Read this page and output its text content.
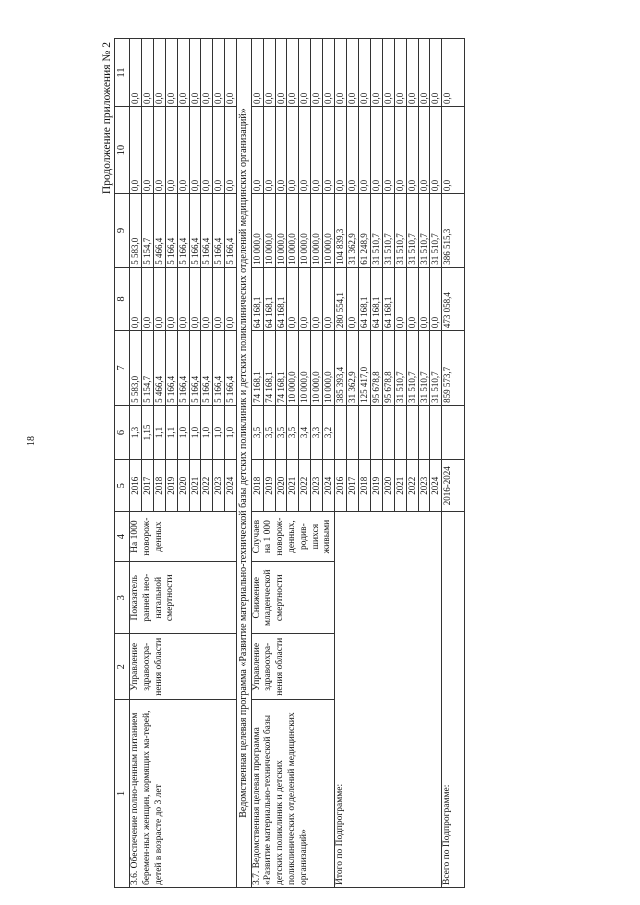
18
Продолжение приложения № 2
1	2	3	4	5	6	7	8	9	10	11
3.6. Обеспечение полно-ценным питанием беремен-ных женщин, кормящих ма-терей, детей в возрасте до 3 лет	Управление здравоохра-нения области	Показатель ранней нео-натальной смертности	На 1000 новорож-денных	2016	1,3	5 583,0	0,0	5 583,0	0,0	0,0
				2017	1,15	5 154,7	0,0	5 154,7	0,0	0,0
				2018	1,1	5 466,4	0,0	5 466,4	0,0	0,0
				2019	1,1	5 166,4	0,0	5 166,4	0,0	0,0
				2020	1,0	5 166,4	0,0	5 166,4	0,0	0,0
				2021	1,0	5 166,4	0,0	5 166,4	0,0	0,0
				2022	1,0	5 166,4	0,0	5 166,4	0,0	0,0
				2023	1,0	5 166,4	0,0	5 166,4	0,0	0,0
				2024	1,0	5 166,4	0,0	5 166,4	0,0	0,0
Ведомственная целевая программа «Развитие материально-технической базы детских поликлиник и детских поликлинических отделений медицинских организаций»										
3.7. Ведомственная целевая программа «Развитие материально-технической базы детских поликлиник и детских поликлинических отделений медицинских организаций»	Управление здравоохра-нения области	Снижение младенческой смертности	Случаев на 1 000 новорож-денных, родив-шихся живыми	2018	3,5	74 168,1	64 168,1	10 000,0	0,0	0,0
				2019	3,5	74 168,1	64 168,1	10 000,0	0,0	0,0
				2020	3,5	74 168,1	64 168,1	10 000,0	0,0	0,0
				2021	3,5	10 000,0	0,0	10 000,0	0,0	0,0
				2022	3,4	10 000,0	0,0	10 000,0	0,0	0,0
				2023	3,3	10 000,0	0,0	10 000,0	0,0	0,0
				2024	3,2	10 000,0	0,0	10 000,0	0,0	0,0
Итого по Подпрограмме:				2016		385 393,4	280 554,1	104 839,3	0,0	0,0
				2017		31 362,9	0,0	31 362,9	0,0	0,0
				2018		125 417,0	64 168,1	61 248,9	0,0	0,0
				2019		95 678,8	64 168,1	31 510,7	0,0	0,0
				2020		95 678,8	64 168,1	31 510,7	0,0	0,0
				2021		31 510,7	0,0	31 510,7	0,0	0,0
				2022		31 510,7	0,0	31 510,7	0,0	0,0
				2023		31 510,7	0,0	31 510,7	0,0	0,0
				2024		31 510,7	0,0	31 510,7	0,0	0,0
Всего по Подпрограмме:				2016-2024		859 573,7	473 058,4	386 515,3	0,0	0,0
